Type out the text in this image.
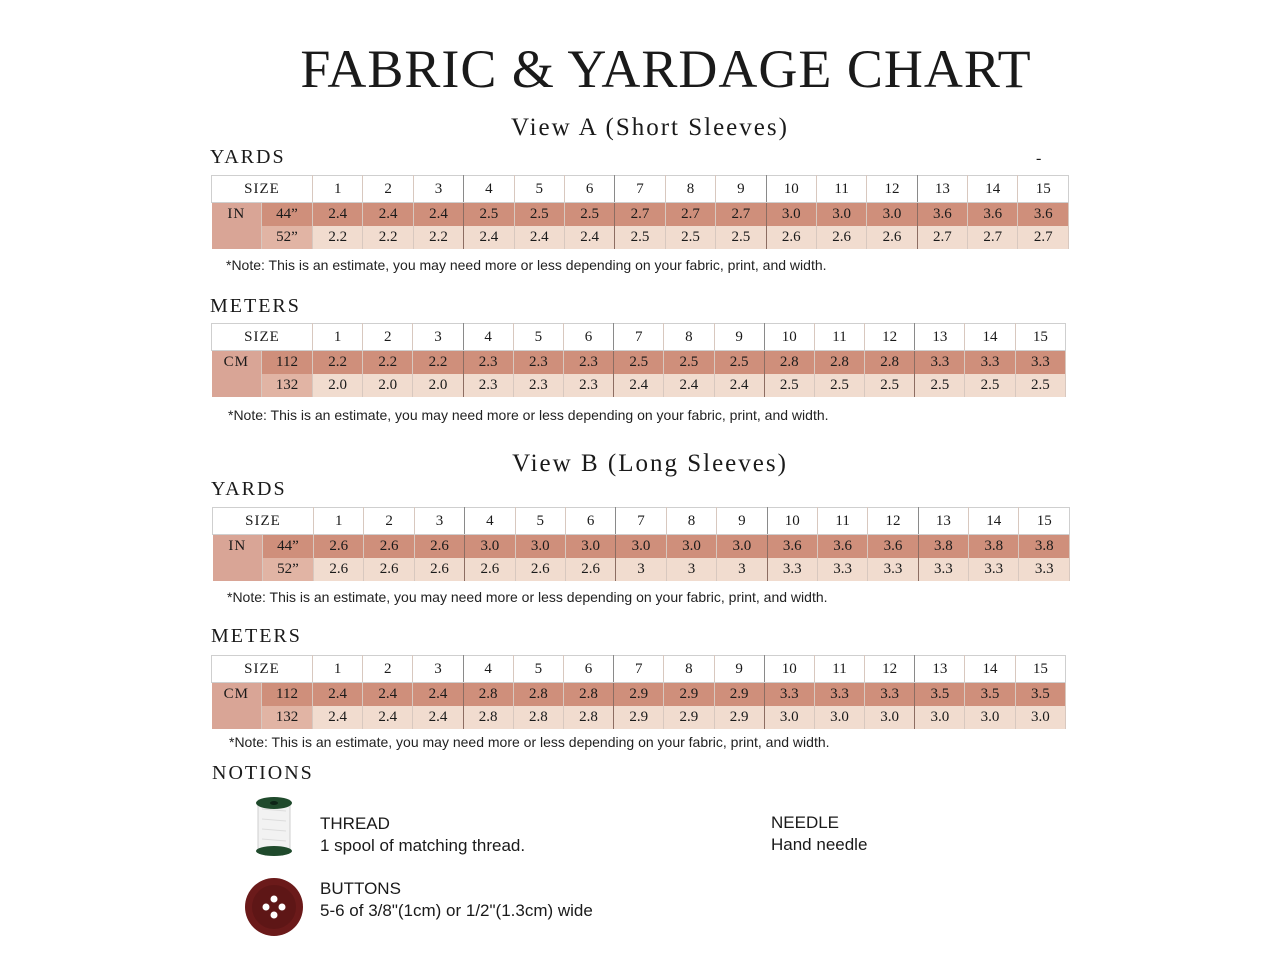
FABRIC & YARDAGE CHART
-
View A (Short Sleeves)
YARDS
SIZE		1	2	3	4	5	6	7	8	9	10	11	12	13	14	15
IN	44”	2.4	2.4	2.4	2.5	2.5	2.5	2.7	2.7	2.7	3.0	3.0	3.0	3.6	3.6	3.6
	52”	2.2	2.2	2.2	2.4	2.4	2.4	2.5	2.5	2.5	2.6	2.6	2.6	2.7	2.7	2.7
*Note: This is an estimate, you may need more or less depending on your fabric, print, and width.
METERS
SIZE		1	2	3	4	5	6	7	8	9	10	11	12	13	14	15
CM	112	2.2	2.2	2.2	2.3	2.3	2.3	2.5	2.5	2.5	2.8	2.8	2.8	3.3	3.3	3.3
	132	2.0	2.0	2.0	2.3	2.3	2.3	2.4	2.4	2.4	2.5	2.5	2.5	2.5	2.5	2.5
*Note: This is an estimate, you may need more or less depending on your fabric, print, and width.
View B (Long Sleeves)
YARDS
SIZE		1	2	3	4	5	6	7	8	9	10	11	12	13	14	15
IN	44”	2.6	2.6	2.6	3.0	3.0	3.0	3.0	3.0	3.0	3.6	3.6	3.6	3.8	3.8	3.8
	52”	2.6	2.6	2.6	2.6	2.6	2.6	3	3	3	3.3	3.3	3.3	3.3	3.3	3.3
*Note: This is an estimate, you may need more or less depending on your fabric, print, and width.
METERS
SIZE		1	2	3	4	5	6	7	8	9	10	11	12	13	14	15
CM	112	2.4	2.4	2.4	2.8	2.8	2.8	2.9	2.9	2.9	3.3	3.3	3.3	3.5	3.5	3.5
	132	2.4	2.4	2.4	2.8	2.8	2.8	2.9	2.9	2.9	3.0	3.0	3.0	3.0	3.0	3.0
*Note: This is an estimate, you may need more or less depending on your fabric, print, and width.
NOTIONS
THREAD
1 spool of matching thread.
NEEDLE
Hand needle
BUTTONS
5-6 of 3/8"(1cm) or 1/2"(1.3cm) wide
